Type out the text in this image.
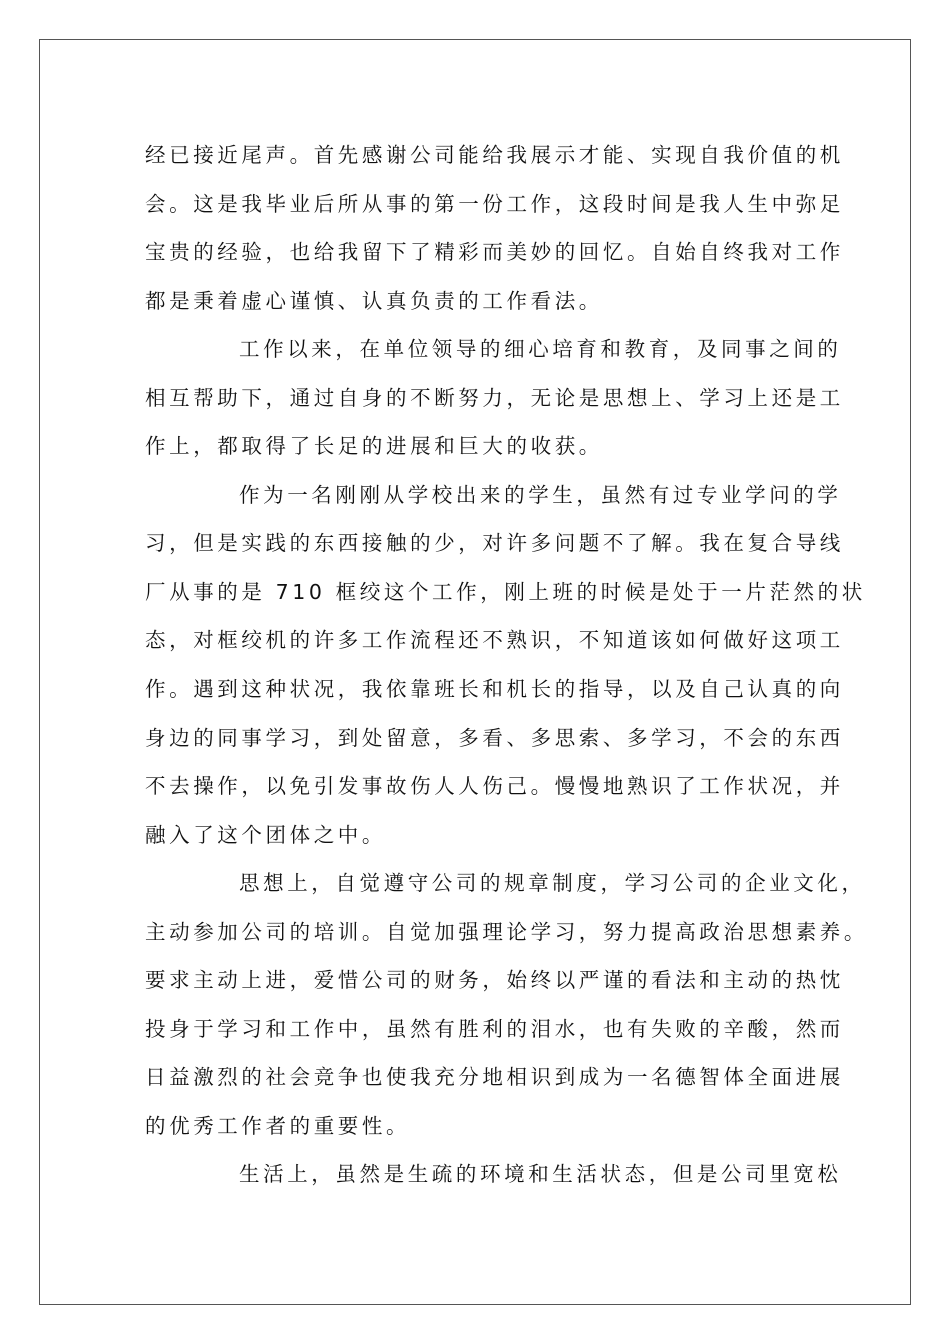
经已接近尾声。首先感谢公司能给我展示才能、实现自我价值的机
会。这是我毕业后所从事的第一份工作，这段时间是我人生中弥足
宝贵的经验，也给我留下了精彩而美妙的回忆。自始自终我对工作
都是秉着虚心谨慎、认真负责的工作看法。
工作以来，在单位领导的细心培育和教育，及同事之间的
相互帮助下，通过自身的不断努力，无论是思想上、学习上还是工
作上，都取得了长足的进展和巨大的收获。
作为一名刚刚从学校出来的学生，虽然有过专业学问的学
习，但是实践的东西接触的少，对许多问题不了解。我在复合导线
厂从事的是 710 框绞这个工作，刚上班的时候是处于一片茫然的状
态，对框绞机的许多工作流程还不熟识，不知道该如何做好这项工
作。遇到这种状况，我依靠班长和机长的指导，以及自己认真的向
身边的同事学习，到处留意，多看、多思索、多学习，不会的东西
不去操作，以免引发事故伤人人伤己。慢慢地熟识了工作状况，并
融入了这个团体之中。
思想上，自觉遵守公司的规章制度，学习公司的企业文化，
主动参加公司的培训。自觉加强理论学习，努力提高政治思想素养。
要求主动上进，爱惜公司的财务，始终以严谨的看法和主动的热忱
投身于学习和工作中，虽然有胜利的泪水，也有失败的辛酸，然而
日益激烈的社会竞争也使我充分地相识到成为一名德智体全面进展
的优秀工作者的重要性。
生活上，虽然是生疏的环境和生活状态，但是公司里宽松
